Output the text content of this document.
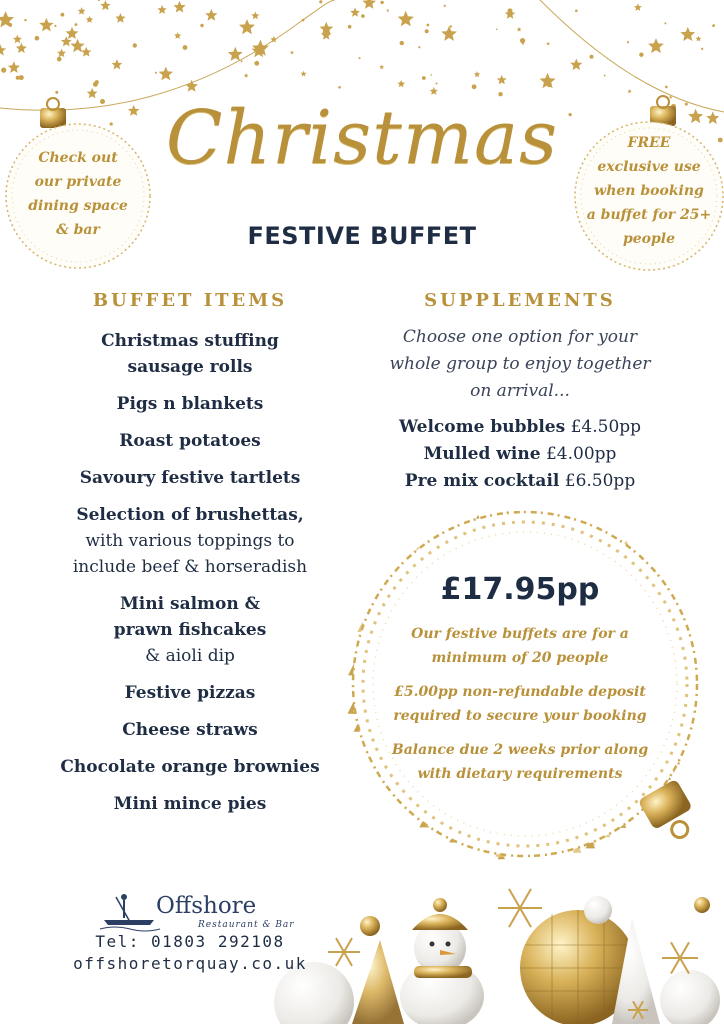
Check out
our private
dining space
& bar
FREE
exclusive use
when booking
a buffet for 25+
people
Christmas
FESTIVE BUFFET
BUFFET ITEMS
Christmas stuffing
sausage rolls
Pigs n blankets
Roast potatoes
Savoury festive tartlets
Selection of brushettas,
with various toppings to
include beef & horseradish
Mini salmon &
prawn fishcakes
& aioli dip
Festive pizzas
Cheese straws
Chocolate orange brownies
Mini mince pies
SUPPLEMENTS
Choose one option for your
whole group to enjoy together
on arrival...
Welcome bubbles £4.50pp
Mulled wine £4.00pp
Pre mix cocktail £6.50pp
£17.95pp
Our festive buffets are for a
minimum of 20 people
£5.00pp non-refundable deposit
required to secure your booking
Balance due 2 weeks prior along
with dietary requirements
Offshore
Restaurant & Bar
Tel: 01803 292108
offshoretorquay.co.uk
